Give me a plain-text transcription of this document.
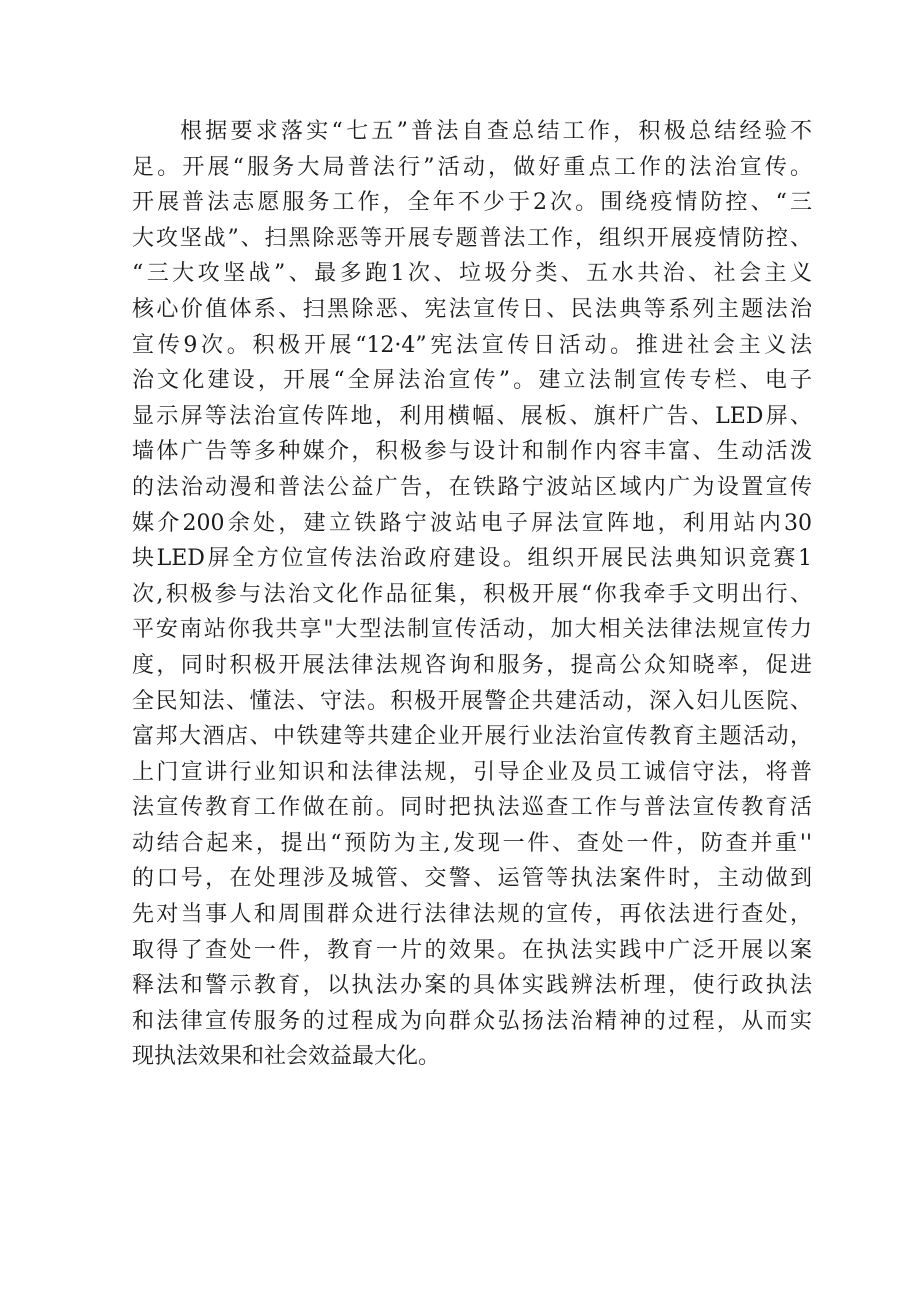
根据要求落实“七五”普法自查总结工作，积极总结经验不
足。开展“服务大局普法行”活动，做好重点工作的法治宣传。
开展普法志愿服务工作，全年不少于2次。围绕疫情防控、“三
大攻坚战”、扫黑除恶等开展专题普法工作，组织开展疫情防控、
“三大攻坚战”、最多跑1次、垃圾分类、五水共治、社会主义
核心价值体系、扫黑除恶、宪法宣传日、民法典等系列主题法治
宣传9次。积极开展“12·4”宪法宣传日活动。推进社会主义法
治文化建设，开展“全屏法治宣传”。建立法制宣传专栏、电子
显示屏等法治宣传阵地，利用横幅、展板、旗杆广告、LED屏、
墙体广告等多种媒介，积极参与设计和制作内容丰富、生动活泼
的法治动漫和普法公益广告，在铁路宁波站区域内广为设置宣传
媒介200余处，建立铁路宁波站电子屏法宣阵地，利用站内30
块LED屏全方位宣传法治政府建设。组织开展民法典知识竞赛1
次,积极参与法治文化作品征集，积极开展“你我牵手文明出行、
平安南站你我共享"大型法制宣传活动，加大相关法律法规宣传力
度，同时积极开展法律法规咨询和服务，提高公众知晓率，促进
全民知法、懂法、守法。积极开展警企共建活动，深入妇儿医院、
富邦大酒店、中铁建等共建企业开展行业法治宣传教育主题活动，
上门宣讲行业知识和法律法规，引导企业及员工诚信守法，将普
法宣传教育工作做在前。同时把执法巡查工作与普法宣传教育活
动结合起来，提出“预防为主,发现一件、查处一件，防查并重''
的口号，在处理涉及城管、交警、运管等执法案件时，主动做到
先对当事人和周围群众进行法律法规的宣传，再依法进行查处，
取得了查处一件，教育一片的效果。在执法实践中广泛开展以案
释法和警示教育，以执法办案的具体实践辨法析理，使行政执法
和法律宣传服务的过程成为向群众弘扬法治精神的过程，从而实
现执法效果和社会效益最大化。
